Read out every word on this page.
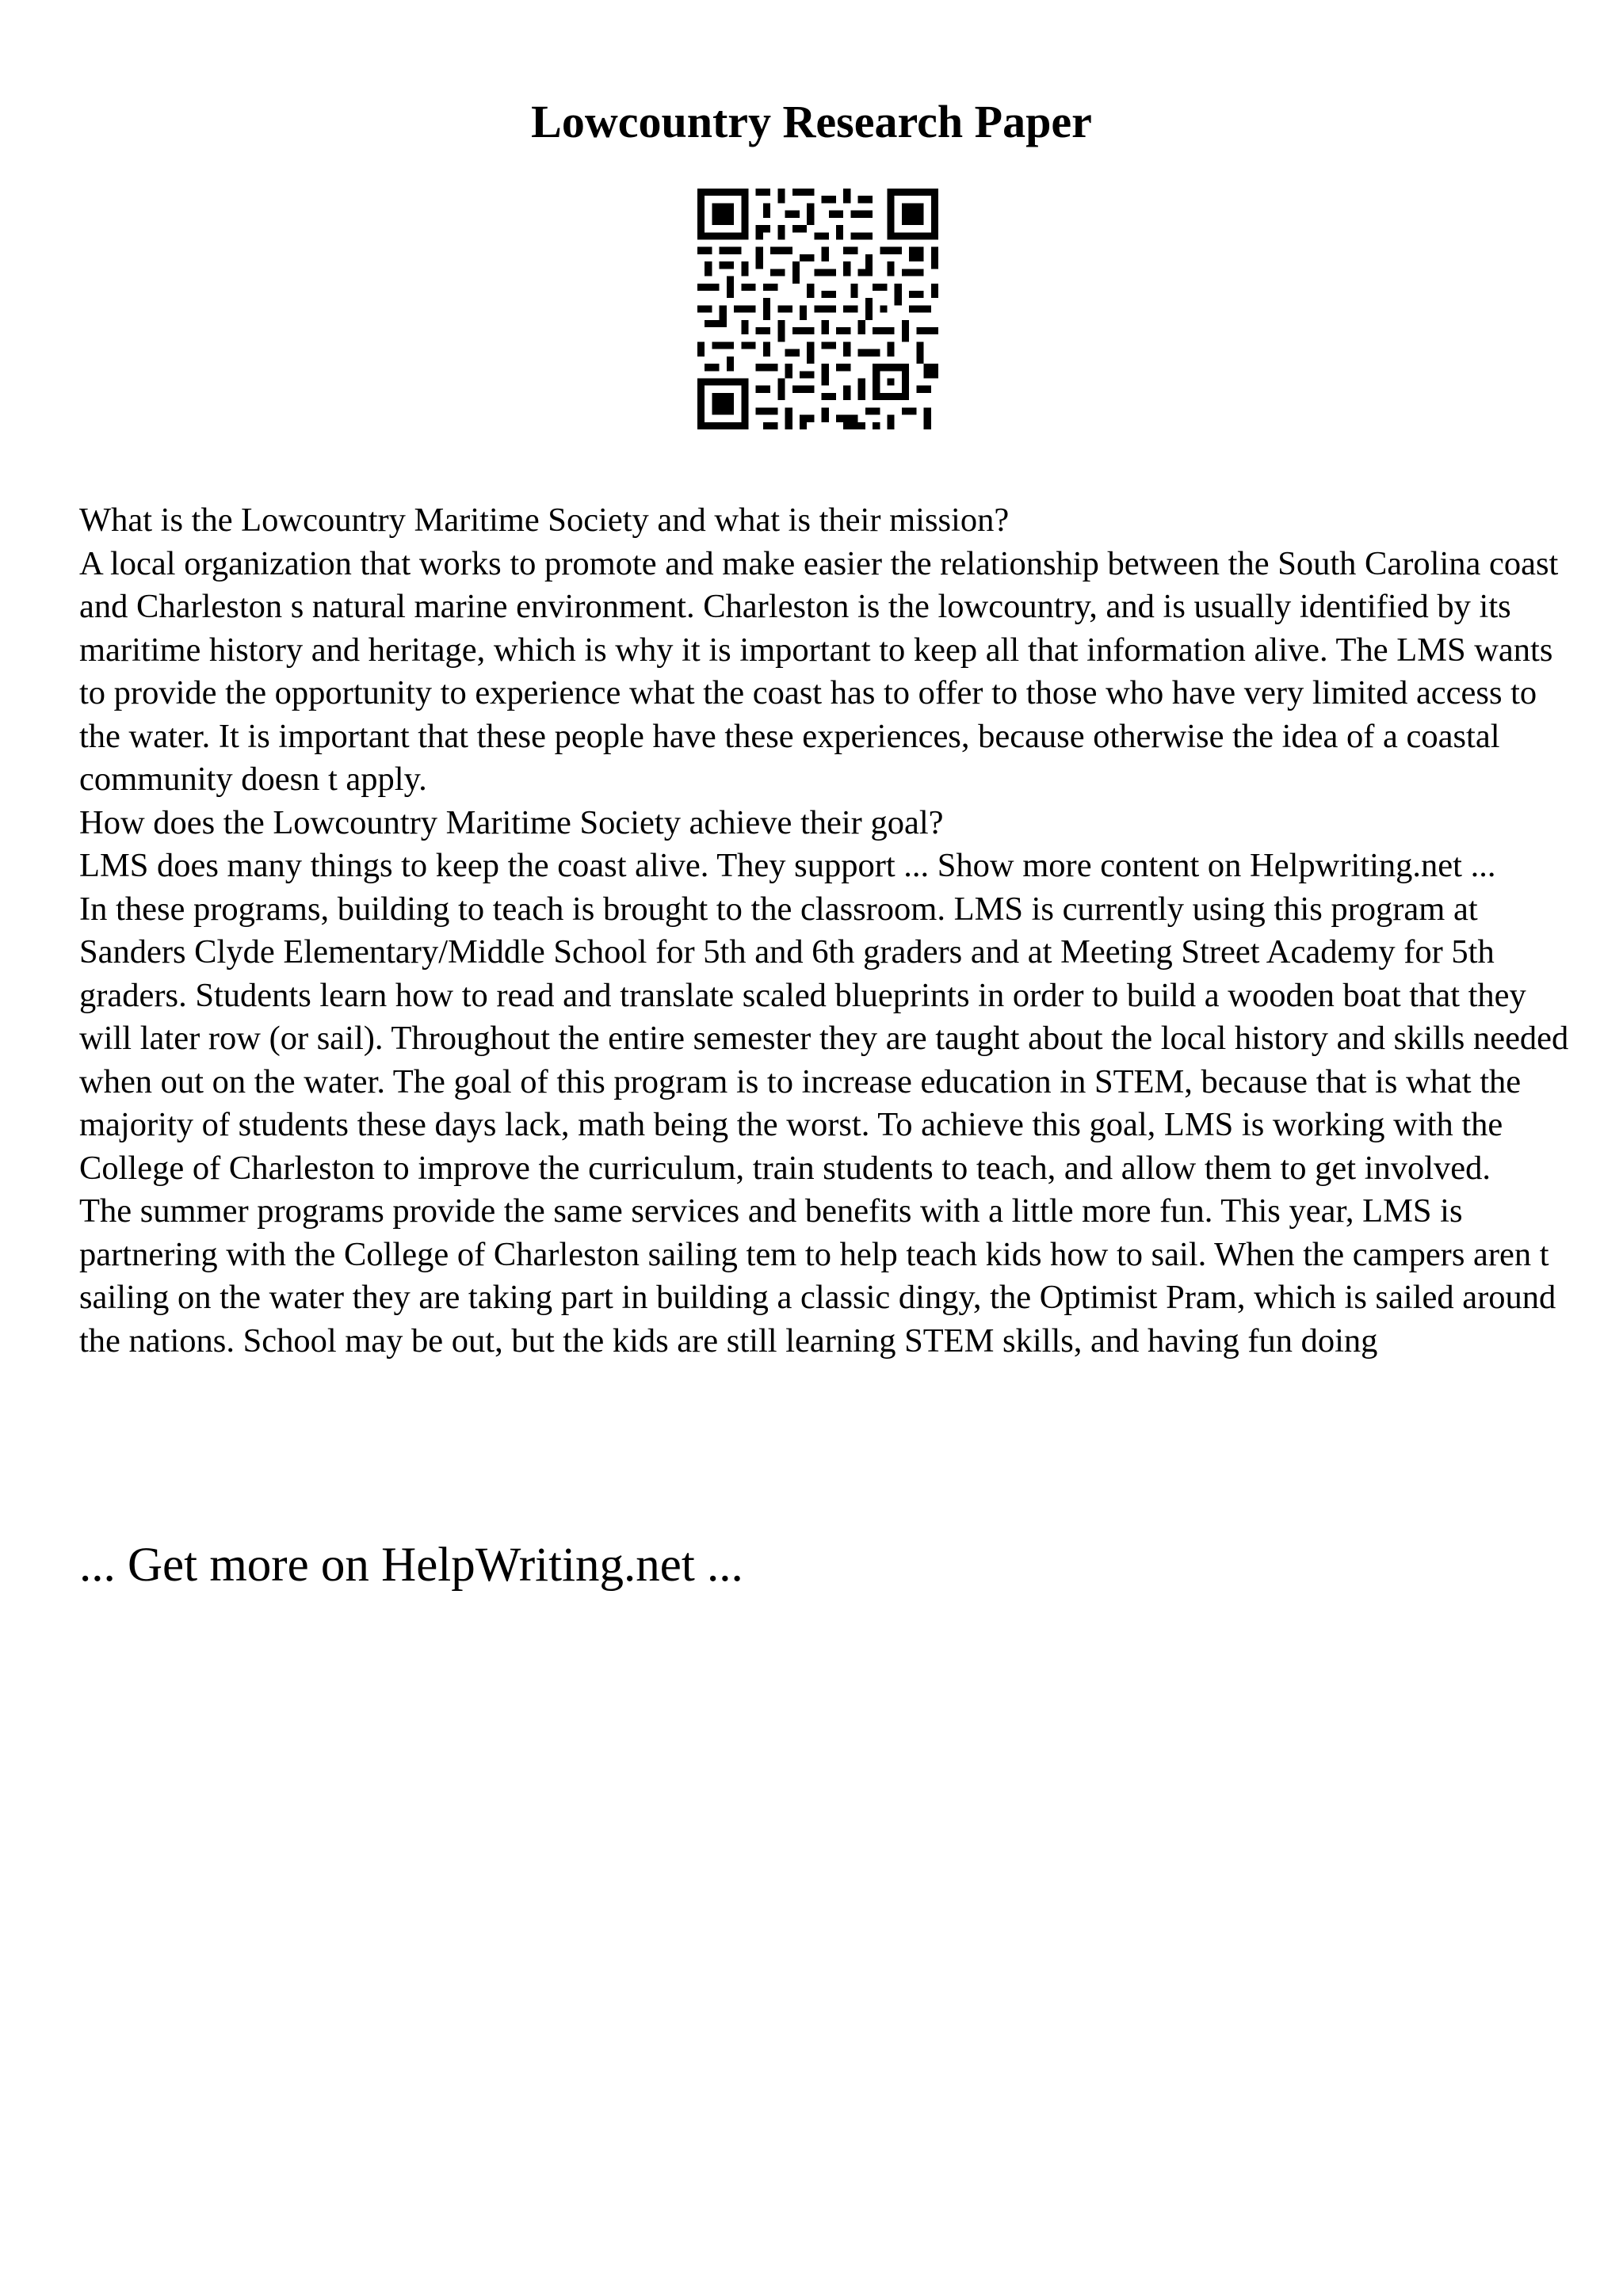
Lowcountry Research Paper

What is the Lowcountry Maritime Society and what is their mission?

A local organization that works to promote and make easier the relationship between the South Carolina coast and Charleston s natural marine environment. Charleston is the lowcountry, and is usually identified by its maritime history and heritage, which is why it is important to keep all that information alive. The LMS wants to provide the opportunity to experience what the coast has to offer to those who have very limited access to the water. It is important that these people have these experiences, because otherwise the idea of a coastal community doesn t apply.

How does the Lowcountry Maritime Society achieve their goal?

LMS does many things to keep the coast alive. They support ... Show more content on Helpwriting.net ...

In these programs, building to teach is brought to the classroom. LMS is currently using this program at Sanders Clyde Elementary/Middle School for 5th and 6th graders and at Meeting Street Academy for 5th graders. Students learn how to read and translate scaled blueprints in order to build a wooden boat that they will later row (or sail). Throughout the entire semester they are taught about the local history and skills needed when out on the water. The goal of this program is to increase education in STEM, because that is what the majority of students these days lack, math being the worst. To achieve this goal, LMS is working with the College of Charleston to improve the curriculum, train students to teach, and allow them to get involved.

The summer programs provide the same services and benefits with a little more fun. This year, LMS is partnering with the College of Charleston sailing tem to help teach kids how to sail. When the campers aren t sailing on the water they are taking part in building a classic dingy, the Optimist Pram, which is sailed around the nations. School may be out, but the kids are still learning STEM skills, and having fun doing

... Get more on HelpWriting.net ...
